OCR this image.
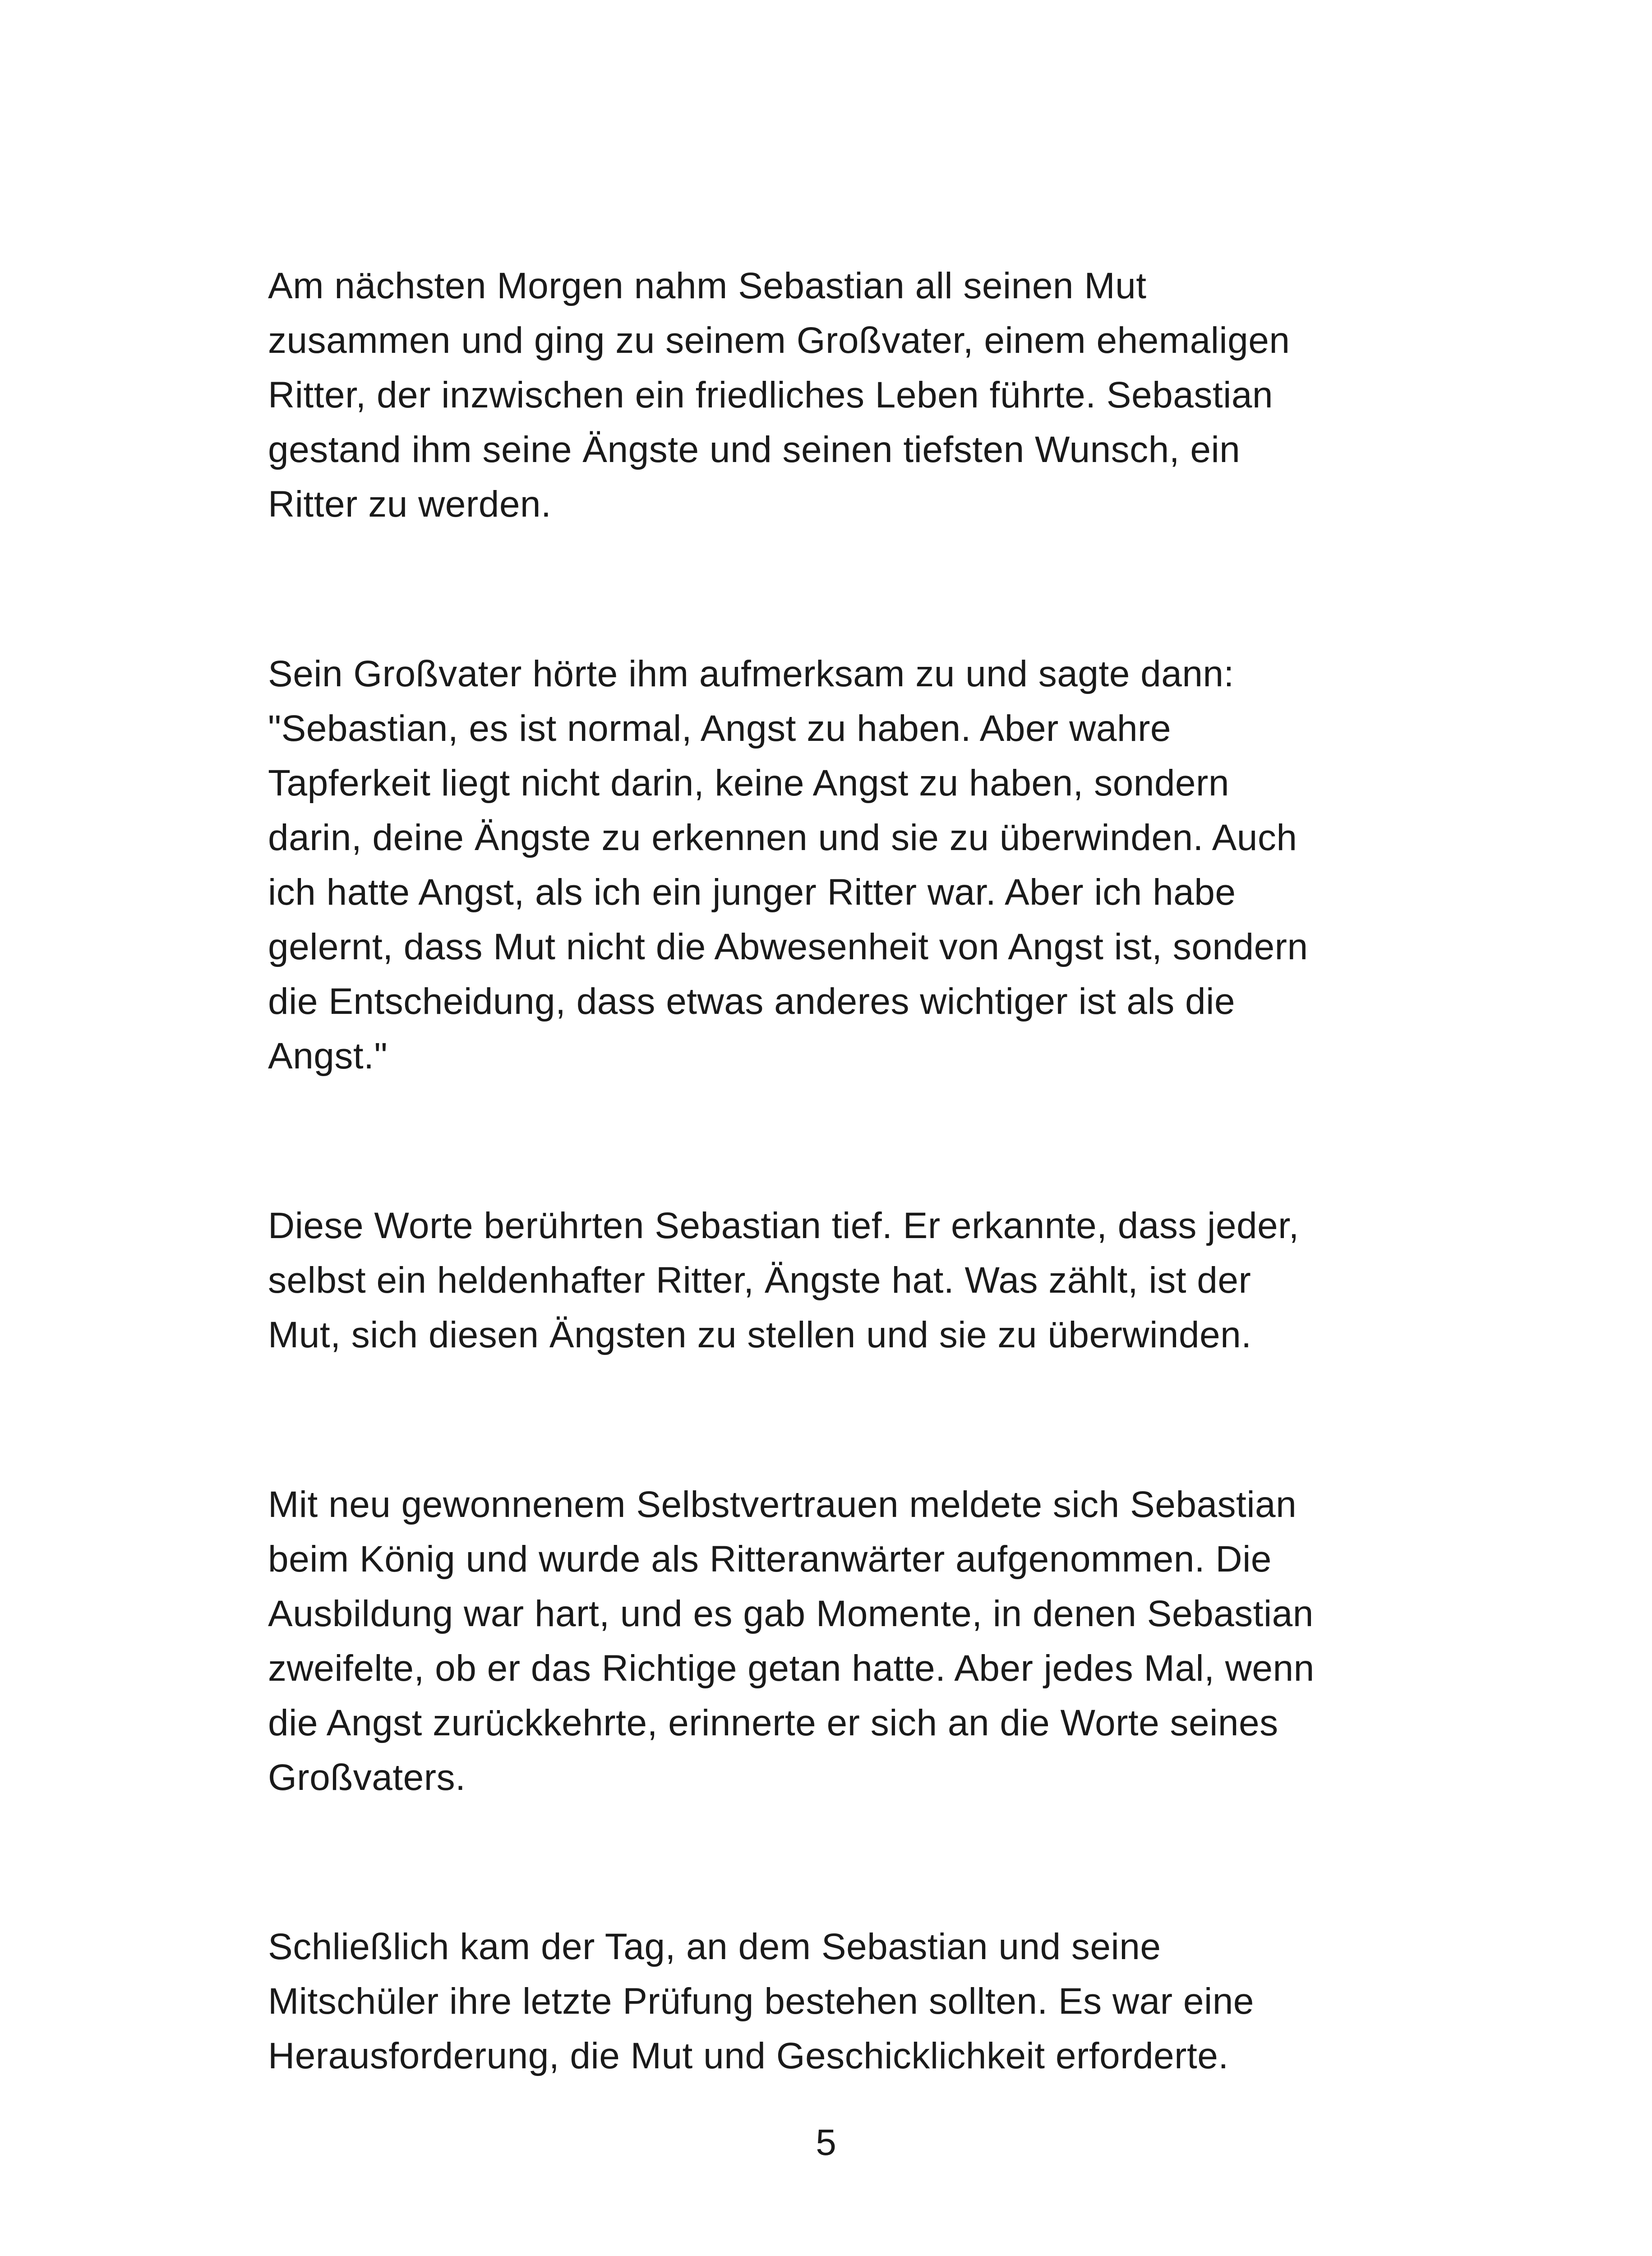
Am nächsten Morgen nahm Sebastian all seinen Mut
zusammen und ging zu seinem Großvater, einem ehemaligen
Ritter, der inzwischen ein friedliches Leben führte. Sebastian
gestand ihm seine Ängste und seinen tiefsten Wunsch, ein
Ritter zu werden.

Sein Großvater hörte ihm aufmerksam zu und sagte dann:
"Sebastian, es ist normal, Angst zu haben. Aber wahre
Tapferkeit liegt nicht darin, keine Angst zu haben, sondern
darin, deine Ängste zu erkennen und sie zu überwinden. Auch
ich hatte Angst, als ich ein junger Ritter war. Aber ich habe
gelernt, dass Mut nicht die Abwesenheit von Angst ist, sondern
die Entscheidung, dass etwas anderes wichtiger ist als die
Angst."

Diese Worte berührten Sebastian tief. Er erkannte, dass jeder,
selbst ein heldenhafter Ritter, Ängste hat. Was zählt, ist der
Mut, sich diesen Ängsten zu stellen und sie zu überwinden.

Mit neu gewonnenem Selbstvertrauen meldete sich Sebastian
beim König und wurde als Ritteranwärter aufgenommen. Die
Ausbildung war hart, und es gab Momente, in denen Sebastian
zweifelte, ob er das Richtige getan hatte. Aber jedes Mal, wenn
die Angst zurückkehrte, erinnerte er sich an die Worte seines
Großvaters.

Schließlich kam der Tag, an dem Sebastian und seine
Mitschüler ihre letzte Prüfung bestehen sollten. Es war eine
Herausforderung, die Mut und Geschicklichkeit erforderte.

5
